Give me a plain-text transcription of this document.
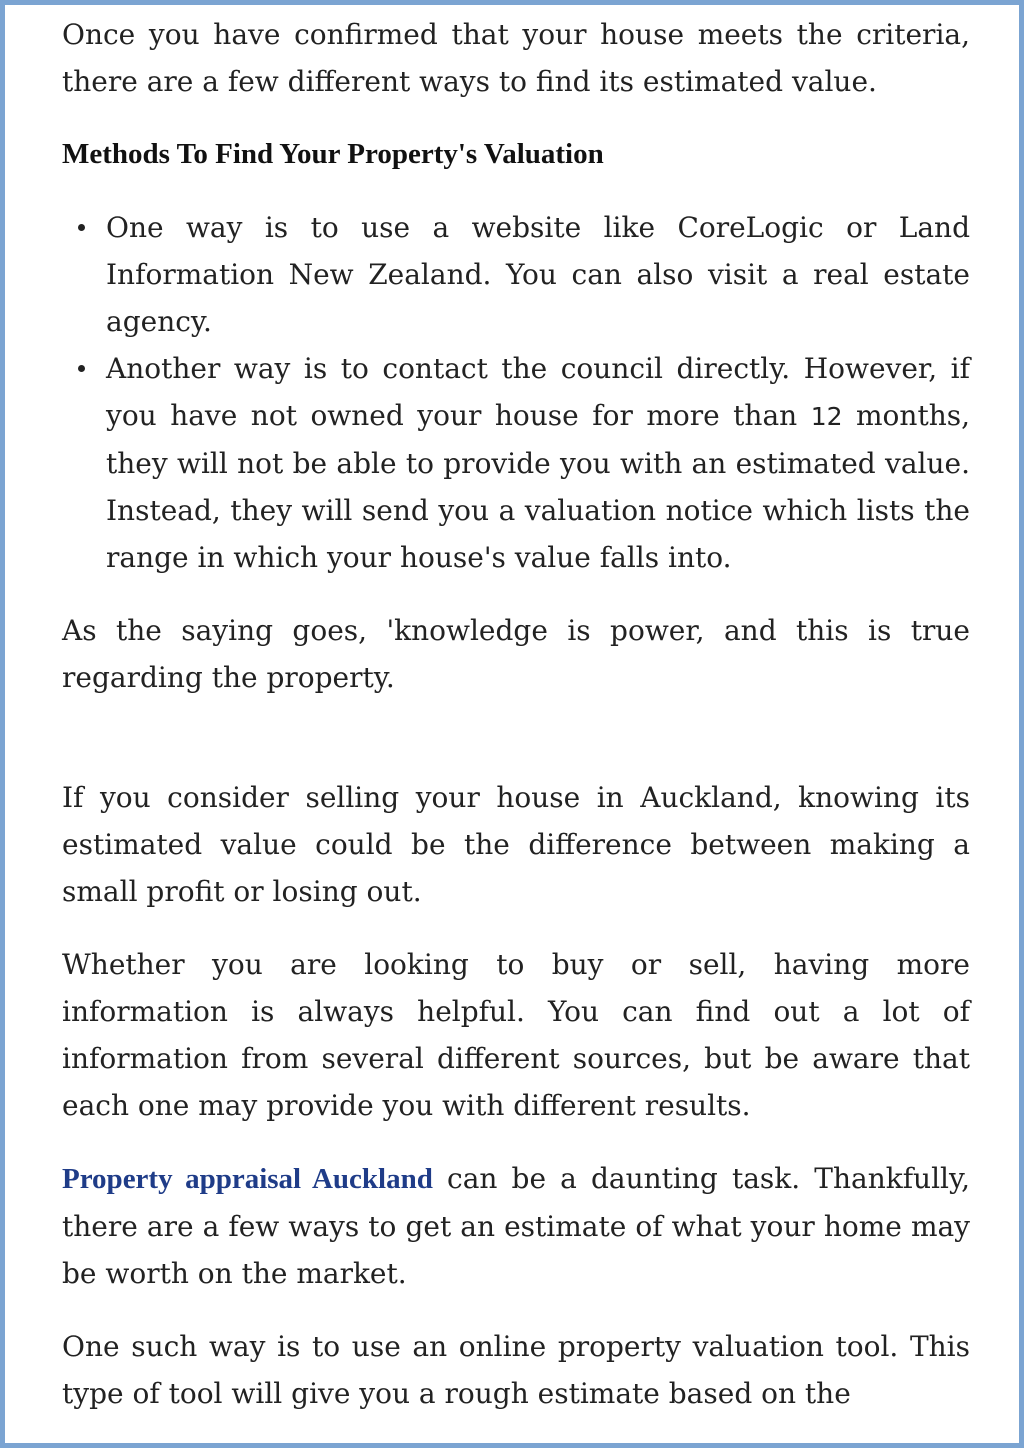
Once you have confirmed that your house meets the criteria, there are a few different ways to find its estimated value.

Methods To Find Your Property's Valuation
One way is to use a website like CoreLogic or Land Information New Zealand. You can also visit a real estate agency.
Another way is to contact the council directly. However, if you have not owned your house for more than 12 months, they will not be able to provide you with an estimated value. Instead, they will send you a valuation notice which lists the range in which your house's value falls into.

As the saying goes, 'knowledge is power, and this is true regarding the property.

If you consider selling your house in Auckland, knowing its estimated value could be the difference between making a small profit or losing out.

Whether you are looking to buy or sell, having more information is always helpful. You can find out a lot of information from several different sources, but be aware that each one may provide you with different results.

Property appraisal Auckland can be a daunting task. Thankfully, there are a few ways to get an estimate of what your home may be worth on the market.

One such way is to use an online property valuation tool. This type of tool will give you a rough estimate based on the
